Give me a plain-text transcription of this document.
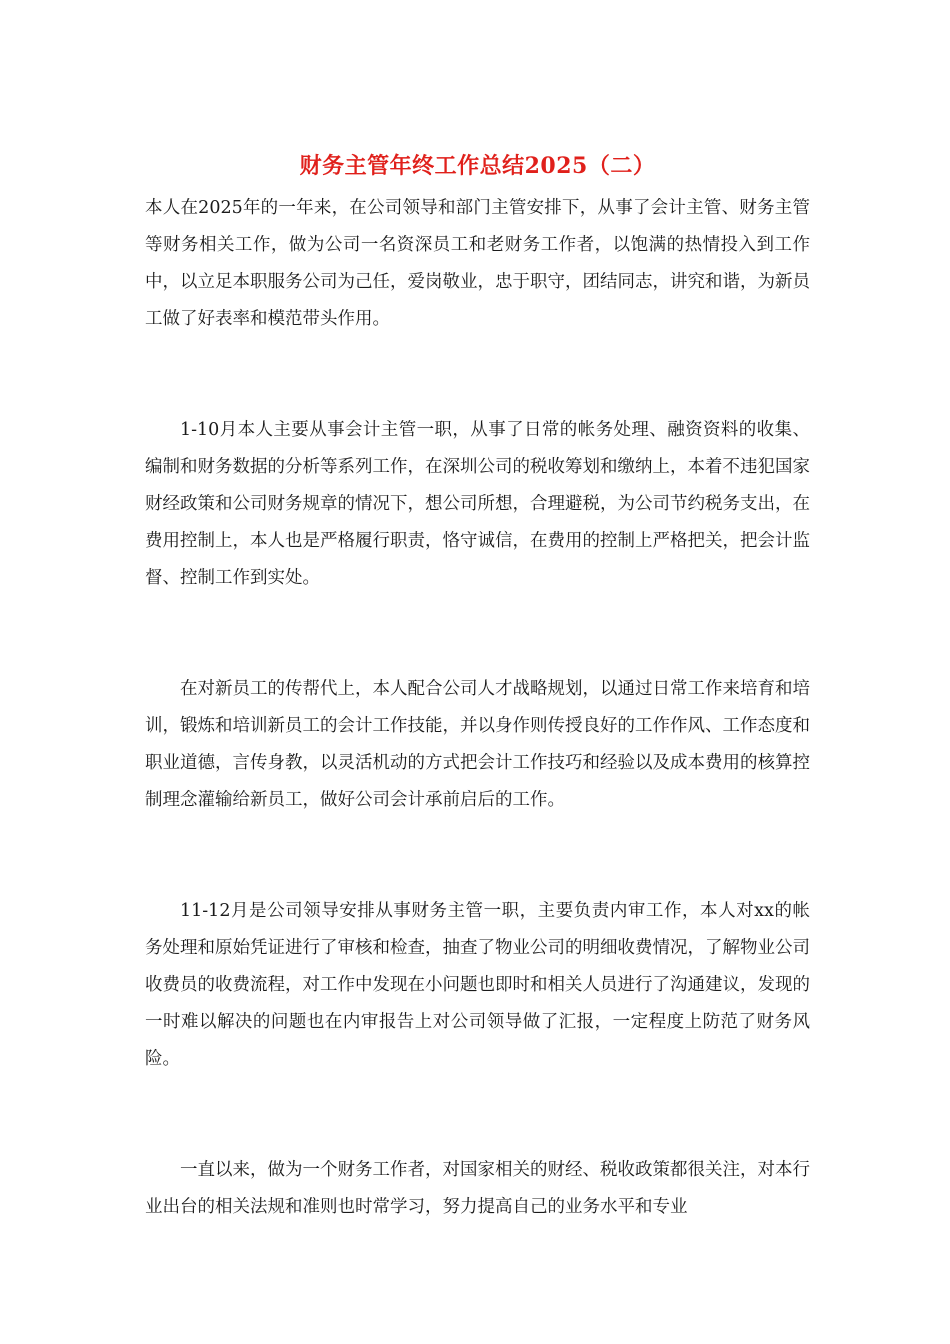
财务主管年终工作总结2025（二）

本人在2025年的一年来，在公司领导和部门主管安排下，从事了会计主管、财务主管等财务相关工作，做为公司一名资深员工和老财务工作者，以饱满的热情投入到工作中，以立足本职服务公司为己任，爱岗敬业，忠于职守，团结同志，讲究和谐，为新员工做了好表率和模范带头作用。

1-10月本人主要从事会计主管一职，从事了日常的帐务处理、融资资料的收集、编制和财务数据的分析等系列工作，在深圳公司的税收筹划和缴纳上，本着不违犯国家财经政策和公司财务规章的情况下，想公司所想，合理避税，为公司节约税务支出，在费用控制上，本人也是严格履行职责，恪守诚信，在费用的控制上严格把关，把会计监督、控制工作到实处。

在对新员工的传帮代上，本人配合公司人才战略规划，以通过日常工作来培育和培训，锻炼和培训新员工的会计工作技能，并以身作则传授良好的工作作风、工作态度和职业道德，言传身教，以灵活机动的方式把会计工作技巧和经验以及成本费用的核算控制理念灌输给新员工，做好公司会计承前启后的工作。

11-12月是公司领导安排从事财务主管一职，主要负责内审工作，本人对xx的帐务处理和原始凭证进行了审核和检查，抽查了物业公司的明细收费情况，了解物业公司收费员的收费流程，对工作中发现在小问题也即时和相关人员进行了沟通建议，发现的一时难以解决的问题也在内审报告上对公司领导做了汇报，一定程度上防范了财务风险。

一直以来，做为一个财务工作者，对国家相关的财经、税收政策都很关注，对本行业出台的相关法规和准则也时常学习，努力提高自己的业务水平和专业
